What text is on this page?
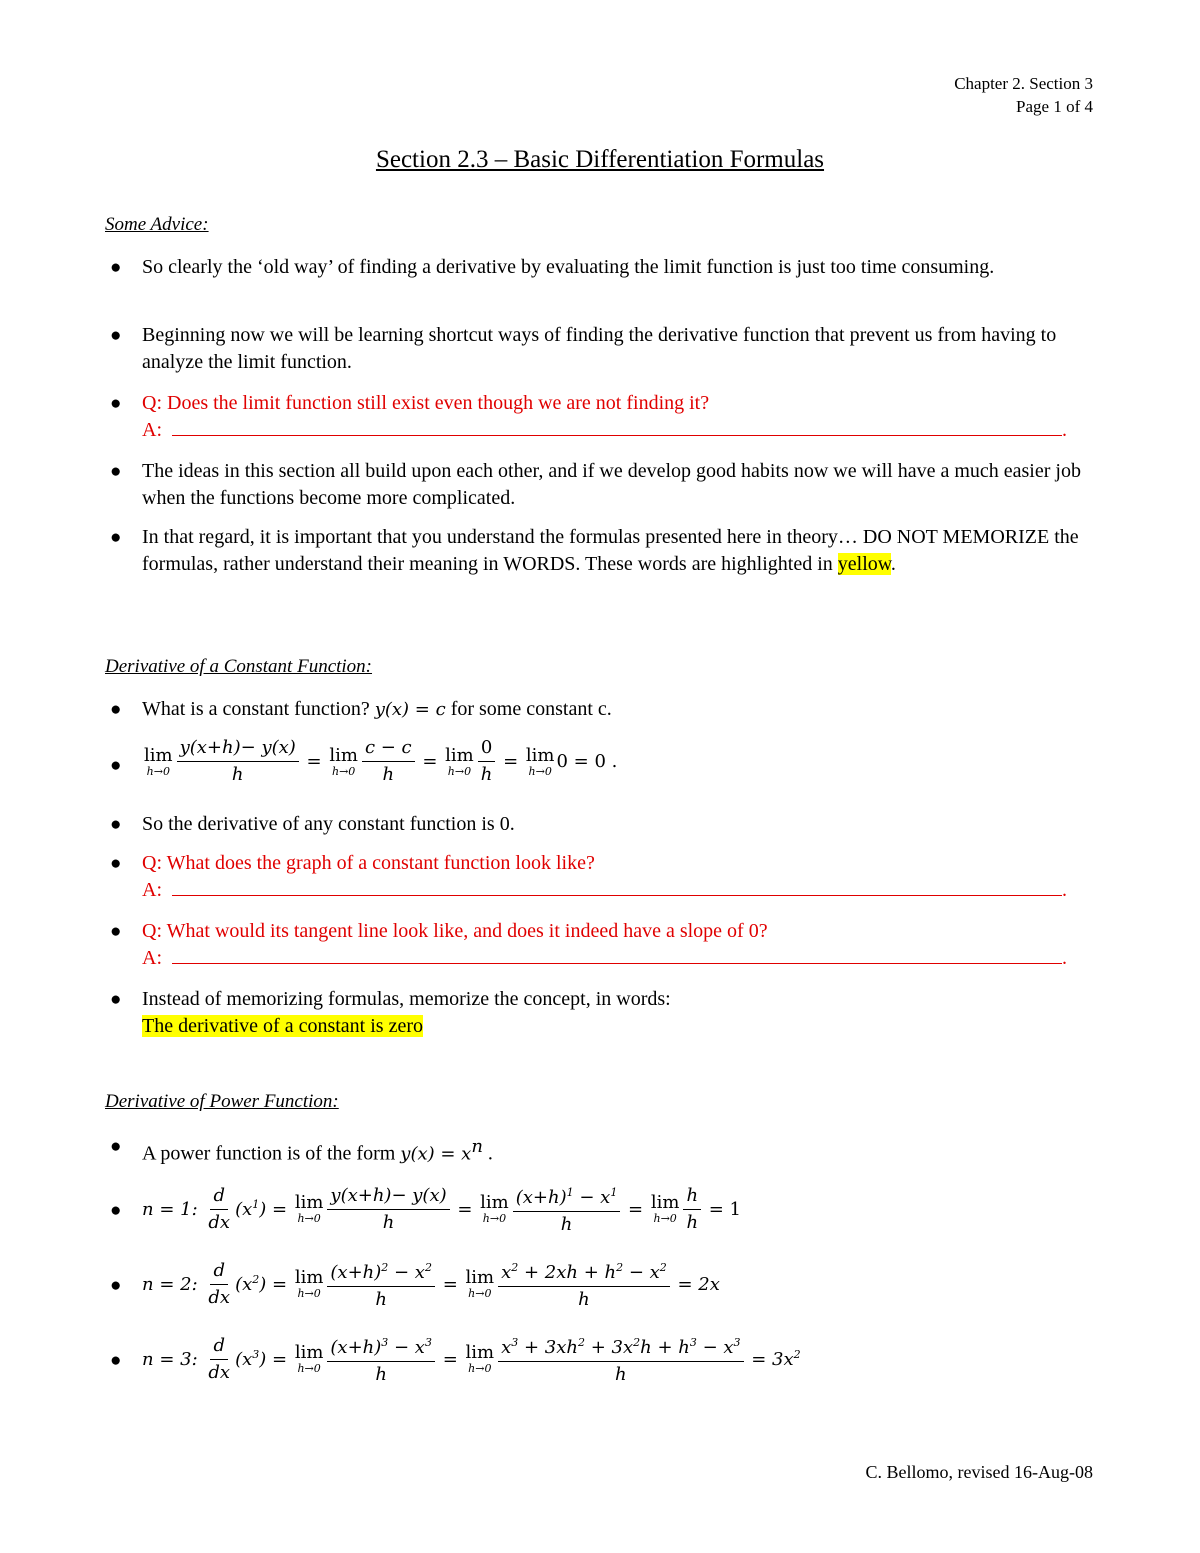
Chapter 2. Section 3
Page 1 of 4
Section 2.3 – Basic Differentiation Formulas
Some Advice:
●	So clearly the ‘old way’ of finding a derivative by evaluating the limit function is just too time consuming.
●	Beginning now we will be learning shortcut ways of finding the derivative function that prevent us from having to analyze the limit function.
●	Q: Does the limit function still exist even though we are not finding it?
A:	.
●	The ideas in this section all build upon each other, and if we develop good habits now we will have a much easier job when the functions become more complicated.
●	In that regard, it is important that you understand the formulas presented here in theory… DO NOT MEMORIZE the formulas, rather understand their meaning in WORDS. These words are highlighted in yellow.
Derivative of a Constant Function:
●	What is a constant function? y(x) = c for some constant c.
●	lim
$h\to 0 \frac{y(x+h)- y(x)}{h} = \lim$
$h\to 0 \frac{c - c}{h} = \lim$
$h\to 0 \frac{0}{h} = \lim$
h→0 0 = 0 .
●	So the derivative of any constant function is 0.
●	Q: What does the graph of a constant function look like?
A:	.
●	Q: What would its tangent line look like, and does it indeed have a slope of 0?
A:	.
●	Instead of memorizing formulas, memorize the concept, in words:
The derivative of a constant is zero
Derivative of Power Function:
●	A power function is of the form $y(x) = x^n$ .
●	n = 1:
$\frac{d}{dx} (x^1) = \lim$
$h\to 0 \frac{y(x+h)- y(x)}{h} = \lim$
$h\to 0 \frac{(x+h)^1 - x^1}{h} = \lim$
$h\to 0 \frac{h}{h} = 1$
●	n = 2:
$\frac{d}{dx} (x^2) = \lim$
$h\to 0 \frac{(x+h)^2 - x^2}{h} = \lim$
$h\to 0 \frac{x^2 + 2xh + h^2 - x^2}{h} = 2x$
●	n = 3:
$\frac{d}{dx} (x^3) = \lim$
$h\to 0 \frac{(x+h)^3 - x^3}{h} = \lim$
$h\to 0 \frac{x^3 + 3xh^2 + 3x^2h + h^3 - x^3}{h} = 3x^2$
C. Bellomo, revised 16-Aug-08
